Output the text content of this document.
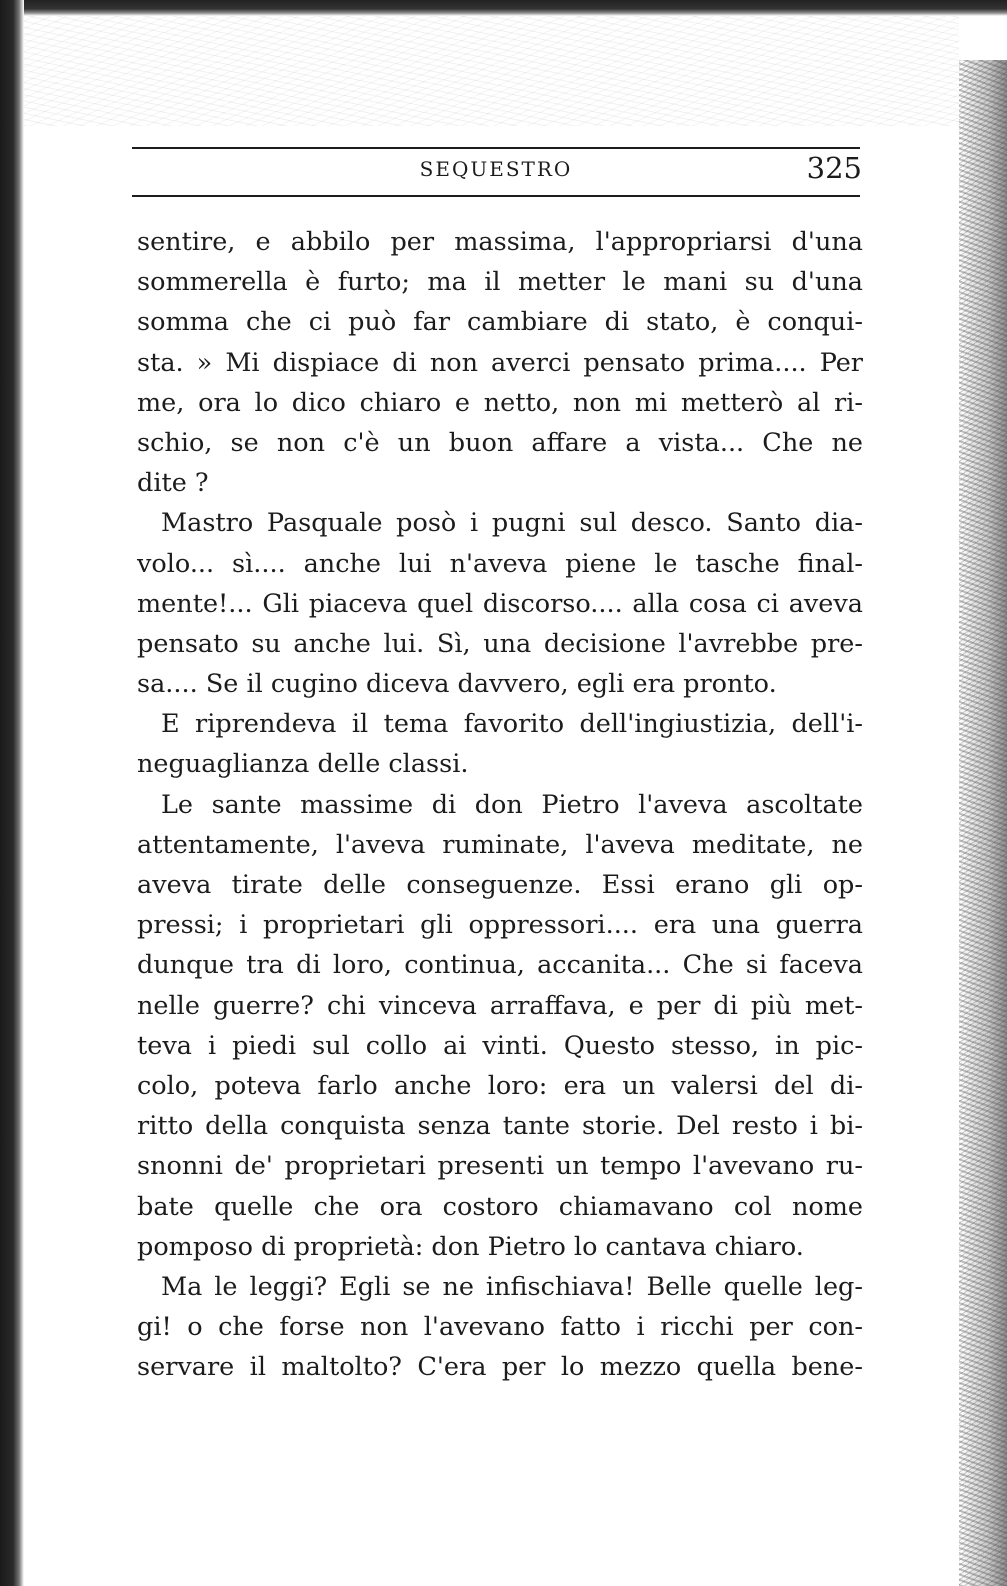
SEQUESTRO	325
sentire, e abbilo per massima, l'appropriarsi d'una
sommerella è furto; ma il metter le mani su d'una
somma che ci può far cambiare di stato, è conqui-
sta. » Mi dispiace di non averci pensato prima.... Per
me, ora lo dico chiaro e netto, non mi metterò al ri-
schio, se non c'è un buon affare a vista... Che ne
dite ?
Mastro Pasquale posò i pugni sul desco. Santo dia-
volo... sì.... anche lui n'aveva piene le tasche final-
mente!... Gli piaceva quel discorso.... alla cosa ci aveva
pensato su anche lui. Sì, una decisione l'avrebbe pre-
sa.... Se il cugino diceva davvero, egli era pronto.
E riprendeva il tema favorito dell'ingiustizia, dell'i-
neguaglianza delle classi.
Le sante massime di don Pietro l'aveva ascoltate
attentamente, l'aveva ruminate, l'aveva meditate, ne
aveva tirate delle conseguenze. Essi erano gli op-
pressi; i proprietari gli oppressori.... era una guerra
dunque tra di loro, continua, accanita... Che si faceva
nelle guerre? chi vinceva arraffava, e per di più met-
teva i piedi sul collo ai vinti. Questo stesso, in pic-
colo, poteva farlo anche loro: era un valersi del di-
ritto della conquista senza tante storie. Del resto i bi-
snonni de' proprietari presenti un tempo l'avevano ru-
bate quelle che ora costoro chiamavano col nome
pomposo di proprietà: don Pietro lo cantava chiaro.
Ma le leggi? Egli se ne infischiava! Belle quelle leg-
gi! o che forse non l'avevano fatto i ricchi per con-
servare il maltolto? C'era per lo mezzo quella bene-
